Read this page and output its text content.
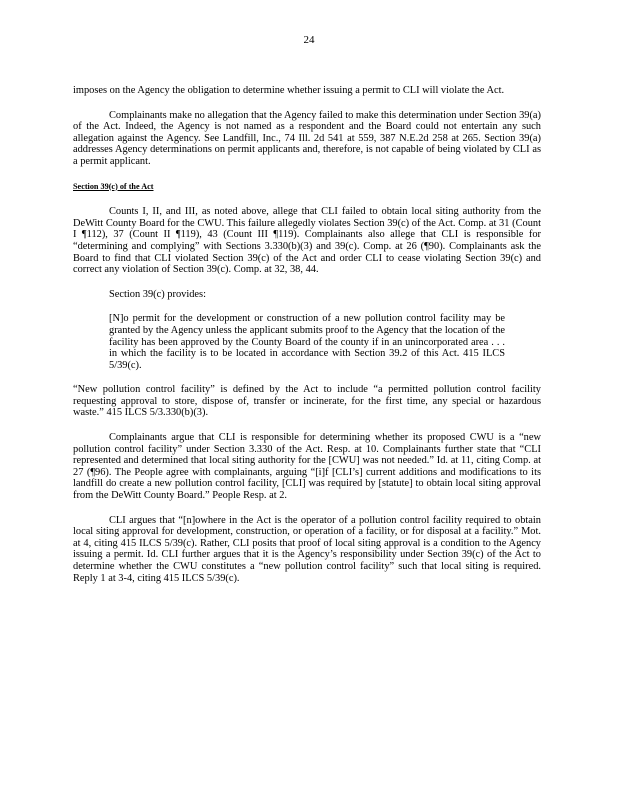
24

imposes on the Agency the obligation to determine whether issuing a permit to CLI will violate the Act.

Complainants make no allegation that the Agency failed to make this determination under Section 39(a) of the Act. Indeed, the Agency is not named as a respondent and the Board could not entertain any such allegation against the Agency. See Landfill, Inc., 74 Ill. 2d 541 at 559, 387 N.E.2d 258 at 265. Section 39(a) addresses Agency determinations on permit applicants and, therefore, is not capable of being violated by CLI as a permit applicant.

Section 39(c) of the Act

Counts I, II, and III, as noted above, allege that CLI failed to obtain local siting authority from the DeWitt County Board for the CWU. This failure allegedly violates Section 39(c) of the Act. Comp. at 31 (Count I ¶112), 37 (Count II ¶119), 43 (Count III ¶119). Complainants also allege that CLI is responsible for “determining and complying” with Sections 3.330(b)(3) and 39(c). Comp. at 26 (¶90). Complainants ask the Board to find that CLI violated Section 39(c) of the Act and order CLI to cease violating Section 39(c) and correct any violation of Section 39(c). Comp. at 32, 38, 44.

Section 39(c) provides:

[N]o permit for the development or construction of a new pollution control facility may be granted by the Agency unless the applicant submits proof to the Agency that the location of the facility has been approved by the County Board of the county if in an unincorporated area . . . in which the facility is to be located in accordance with Section 39.2 of this Act. 415 ILCS 5/39(c).

“New pollution control facility” is defined by the Act to include “a permitted pollution control facility requesting approval to store, dispose of, transfer or incinerate, for the first time, any special or hazardous waste.” 415 ILCS 5/3.330(b)(3).

Complainants argue that CLI is responsible for determining whether its proposed CWU is a “new pollution control facility” under Section 3.330 of the Act. Resp. at 10. Complainants further state that “CLI represented and determined that local siting authority for the [CWU] was not needed.” Id. at 11, citing Comp. at 27 (¶96). The People agree with complainants, arguing “[i]f [CLI’s] current additions and modifications to its landfill do create a new pollution control facility, [CLI] was required by [statute] to obtain local siting approval from the DeWitt County Board.” People Resp. at 2.

CLI argues that “[n]owhere in the Act is the operator of a pollution control facility required to obtain local siting approval for development, construction, or operation of a facility, or for disposal at a facility.” Mot. at 4, citing 415 ILCS 5/39(c). Rather, CLI posits that proof of local siting approval is a condition to the Agency issuing a permit. Id. CLI further argues that it is the Agency’s responsibility under Section 39(c) of the Act to determine whether the CWU constitutes a “new pollution control facility” such that local siting is required. Reply 1 at 3-4, citing 415 ILCS 5/39(c).
